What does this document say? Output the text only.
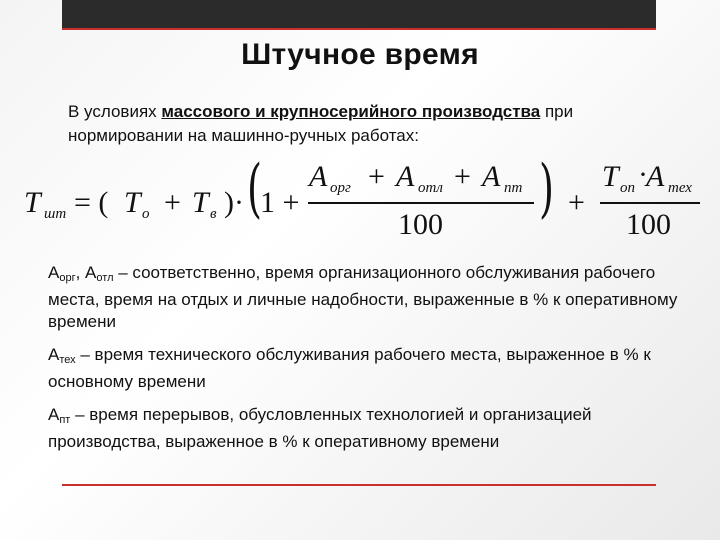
Штучное время
В условиях массового и крупносерийного производства при нормировании на машинно-ручных работах:
T шт = ( T о + T в )· (
1 +
A орг + A отл + A пт
100 ) +
T оп ·
A тех
100
$А_{орг}$, $А_{отл}$ – соответственно, время организационного обслуживания рабочего места, время на отдых и личные надобности, выраженные в % к оперативному времени
$А_{тех}$ – время технического обслуживания рабочего места, выраженное в % к основному времени
$А_{пт}$ – время перерывов, обусловленных технологией и организацией производства, выраженное в % к оперативному времени
